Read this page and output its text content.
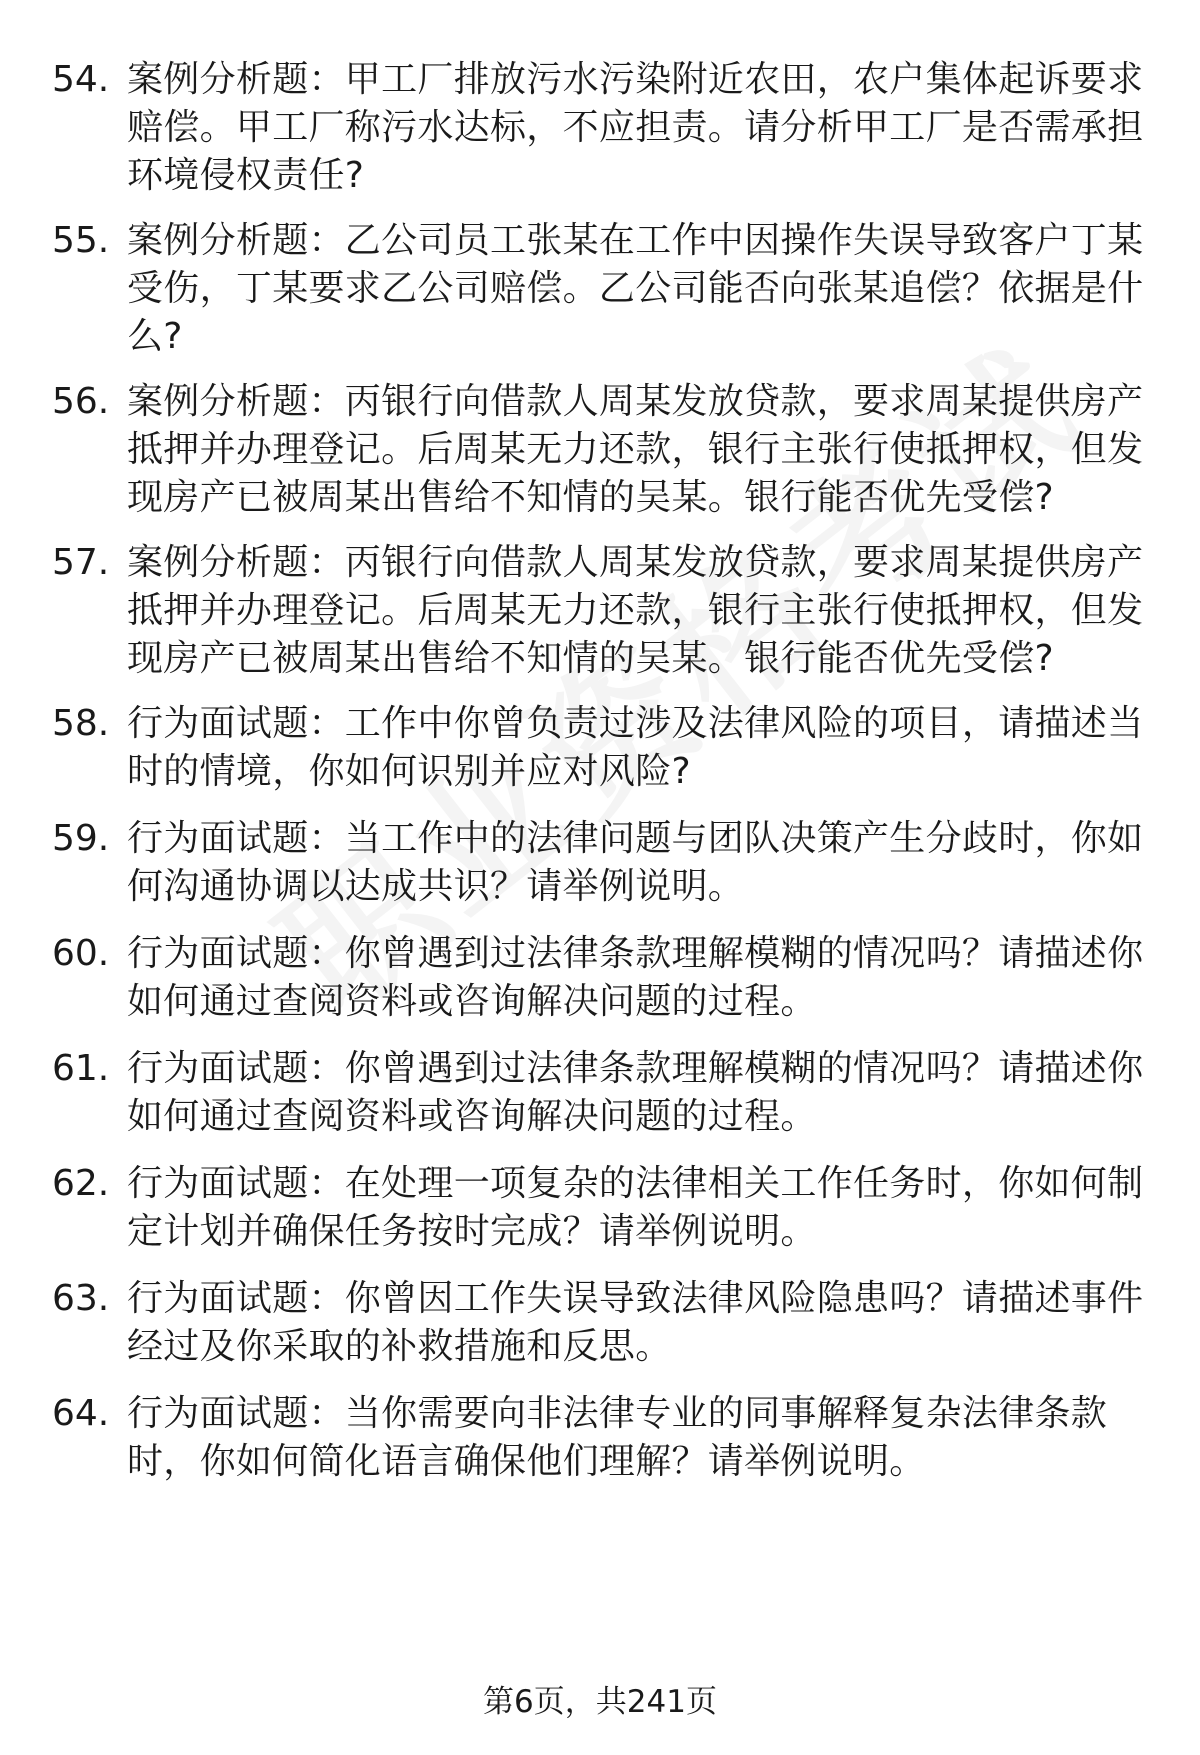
54. 案例分析题：甲工厂排放污水污染附近农田，农户集体起诉要求赔偿。甲工厂称污水达标，不应担责。请分析甲工厂是否需承担环境侵权责任?
55. 案例分析题：乙公司员工张某在工作中因操作失误导致客户丁某受伤，丁某要求乙公司赔偿。乙公司能否向张某追偿？依据是什么?
56. 案例分析题：丙银行向借款人周某发放贷款，要求周某提供房产抵押并办理登记。后周某无力还款，银行主张行使抵押权，但发现房产已被周某出售给不知情的吴某。银行能否优先受偿?
57. 案例分析题：丙银行向借款人周某发放贷款，要求周某提供房产抵押并办理登记。后周某无力还款，银行主张行使抵押权，但发现房产已被周某出售给不知情的吴某。银行能否优先受偿?
58. 行为面试题：工作中你曾负责过涉及法律风险的项目，请描述当时的情境，你如何识别并应对风险?
59. 行为面试题：当工作中的法律问题与团队决策产生分歧时，你如何沟通协调以达成共识？请举例说明。
60. 行为面试题：你曾遇到过法律条款理解模糊的情况吗？请描述你如何通过查阅资料或咨询解决问题的过程。
61. 行为面试题：你曾遇到过法律条款理解模糊的情况吗？请描述你如何通过查阅资料或咨询解决问题的过程。
62. 行为面试题：在处理一项复杂的法律相关工作任务时，你如何制定计划并确保任务按时完成？请举例说明。
63. 行为面试题：你曾因工作失误导致法律风险隐患吗？请描述事件经过及你采取的补救措施和反思。
64. 行为面试题：当你需要向非法律专业的同事解释复杂法律条款时，你如何简化语言确保他们理解？请举例说明。
第6页，共241页
